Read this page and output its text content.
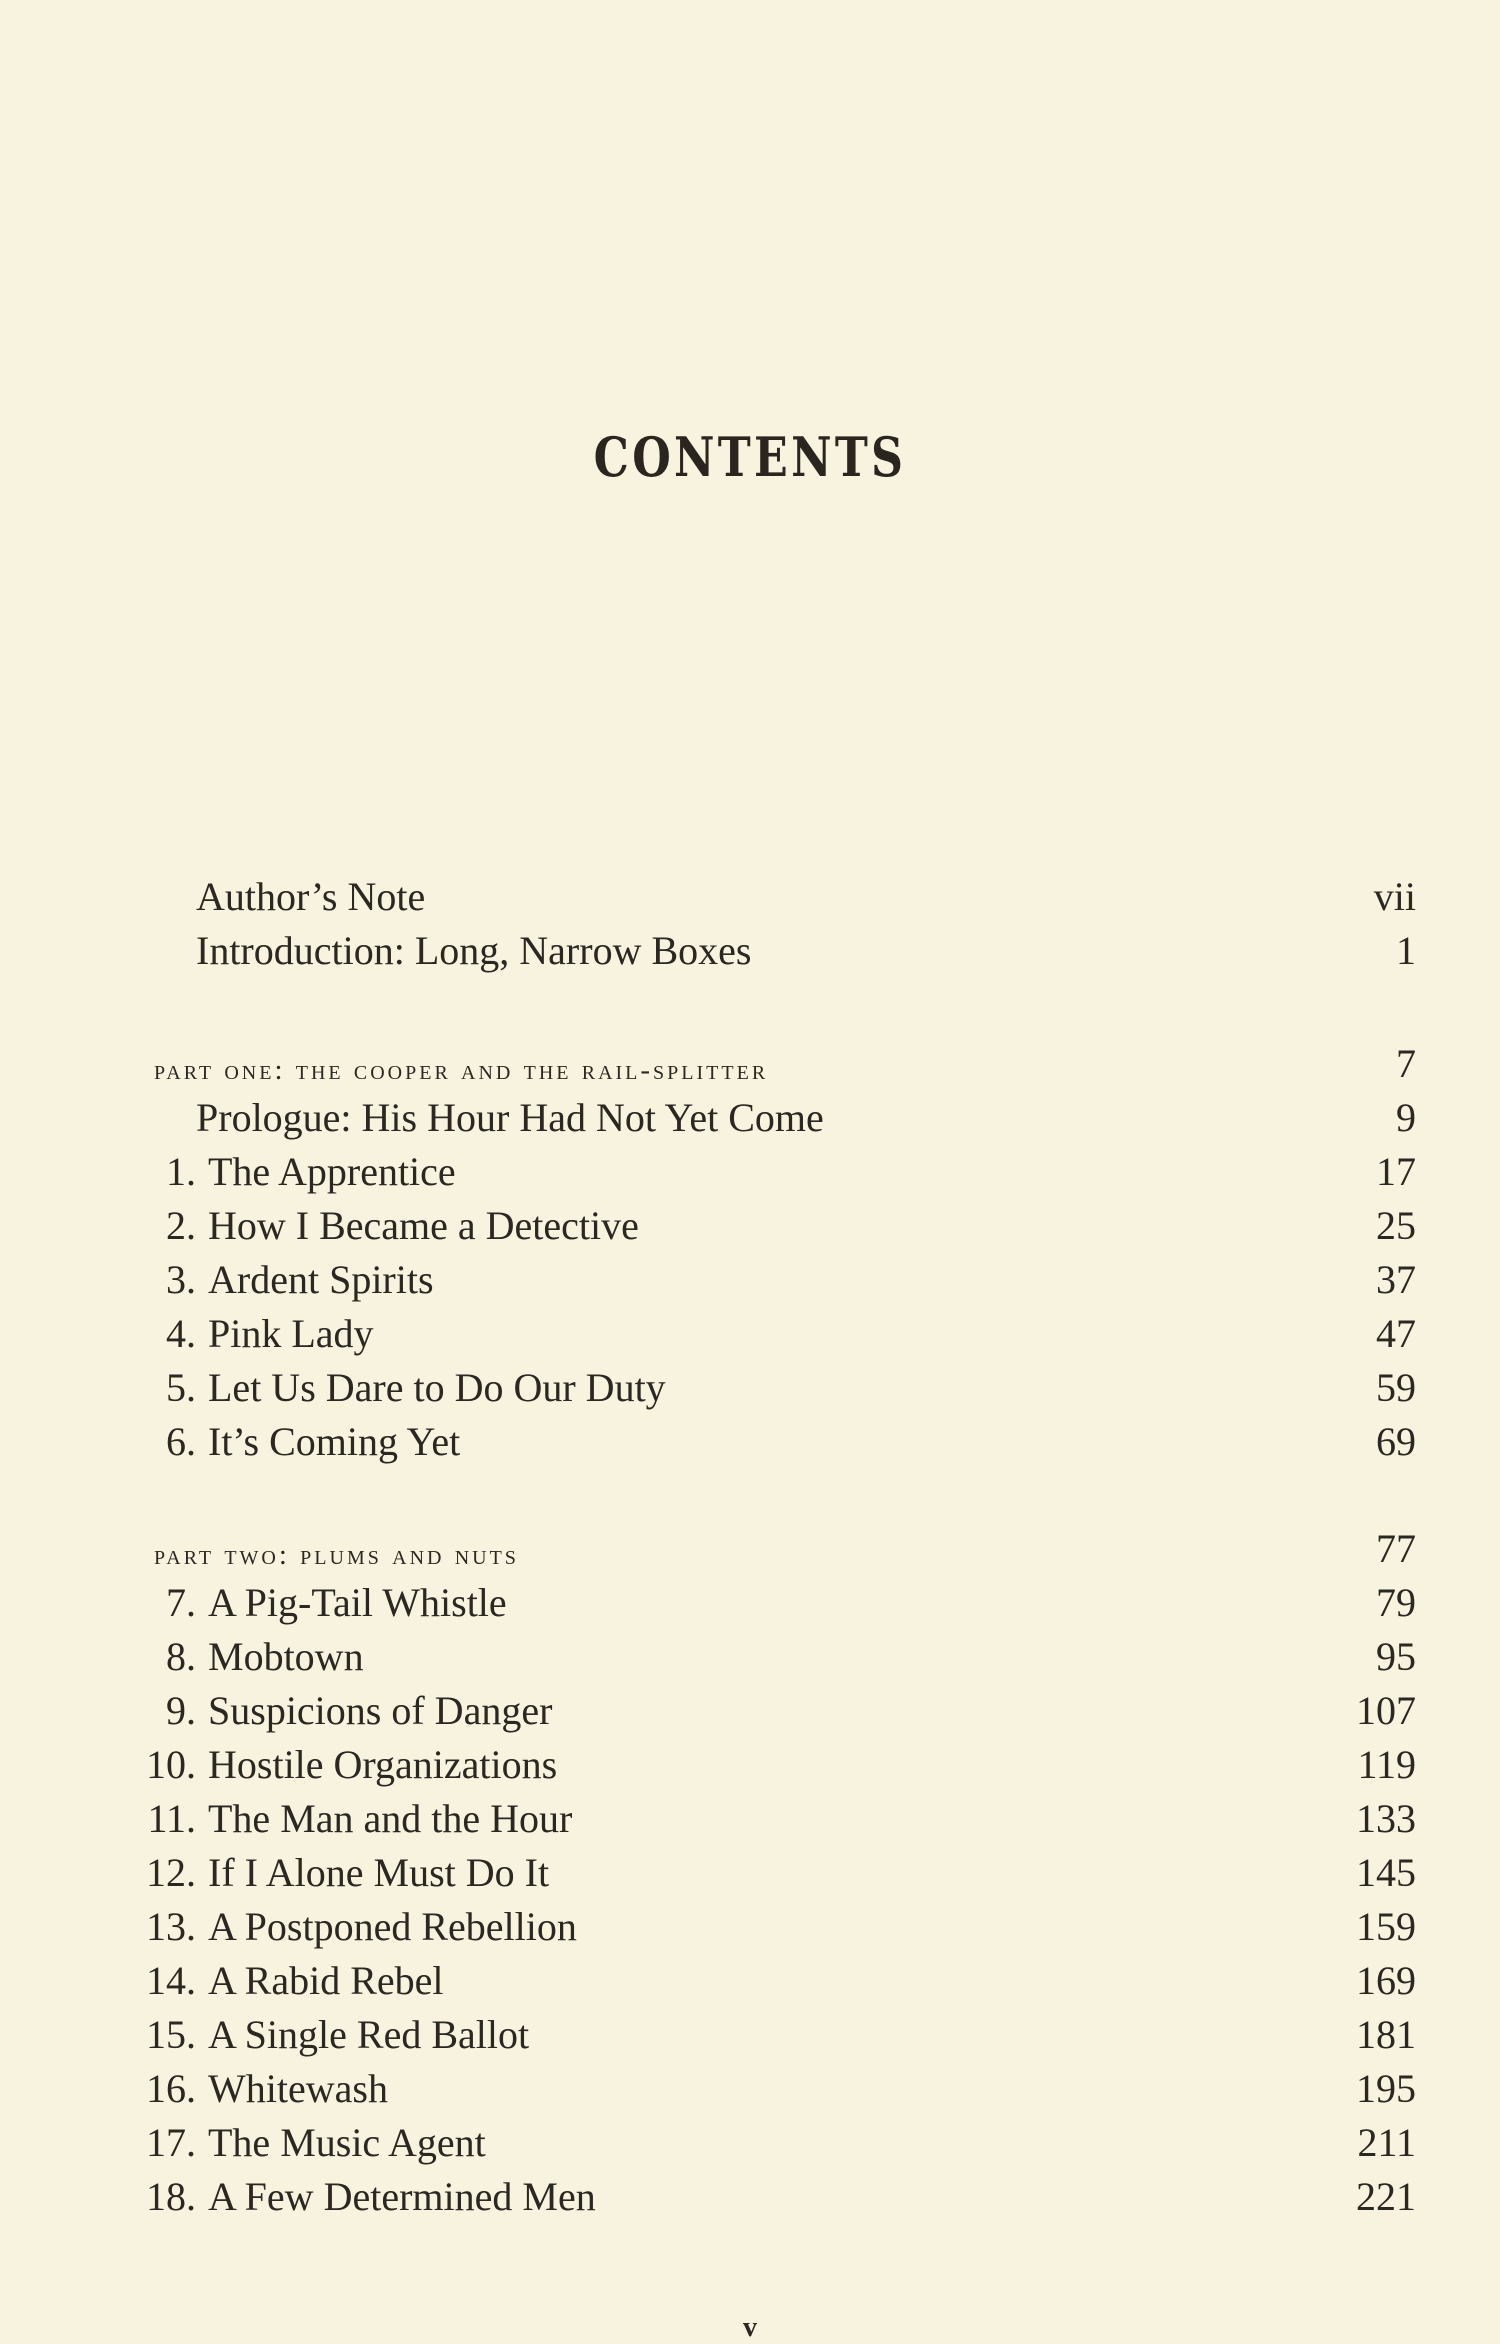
CONTENTS
Author’s Note	vii
Introduction: Long, Narrow Boxes	1
part one: the cooper and the rail-splitter	7
Prologue: His Hour Had Not Yet Come	9
1. The Apprentice	17
2. How I Became a Detective	25
3. Ardent Spirits	37
4. Pink Lady	47
5. Let Us Dare to Do Our Duty	59
6. It’s Coming Yet	69
part two: plums and nuts	77
7. A Pig-Tail Whistle	79
8. Mobtown	95
9. Suspicions of Danger	107
10. Hostile Organizations	119
11. The Man and the Hour	133
12. If I Alone Must Do It	145
13. A Postponed Rebellion	159
14. A Rabid Rebel	169
15. A Single Red Ballot	181
16. Whitewash	195
17. The Music Agent	211
18. A Few Determined Men	221
v
